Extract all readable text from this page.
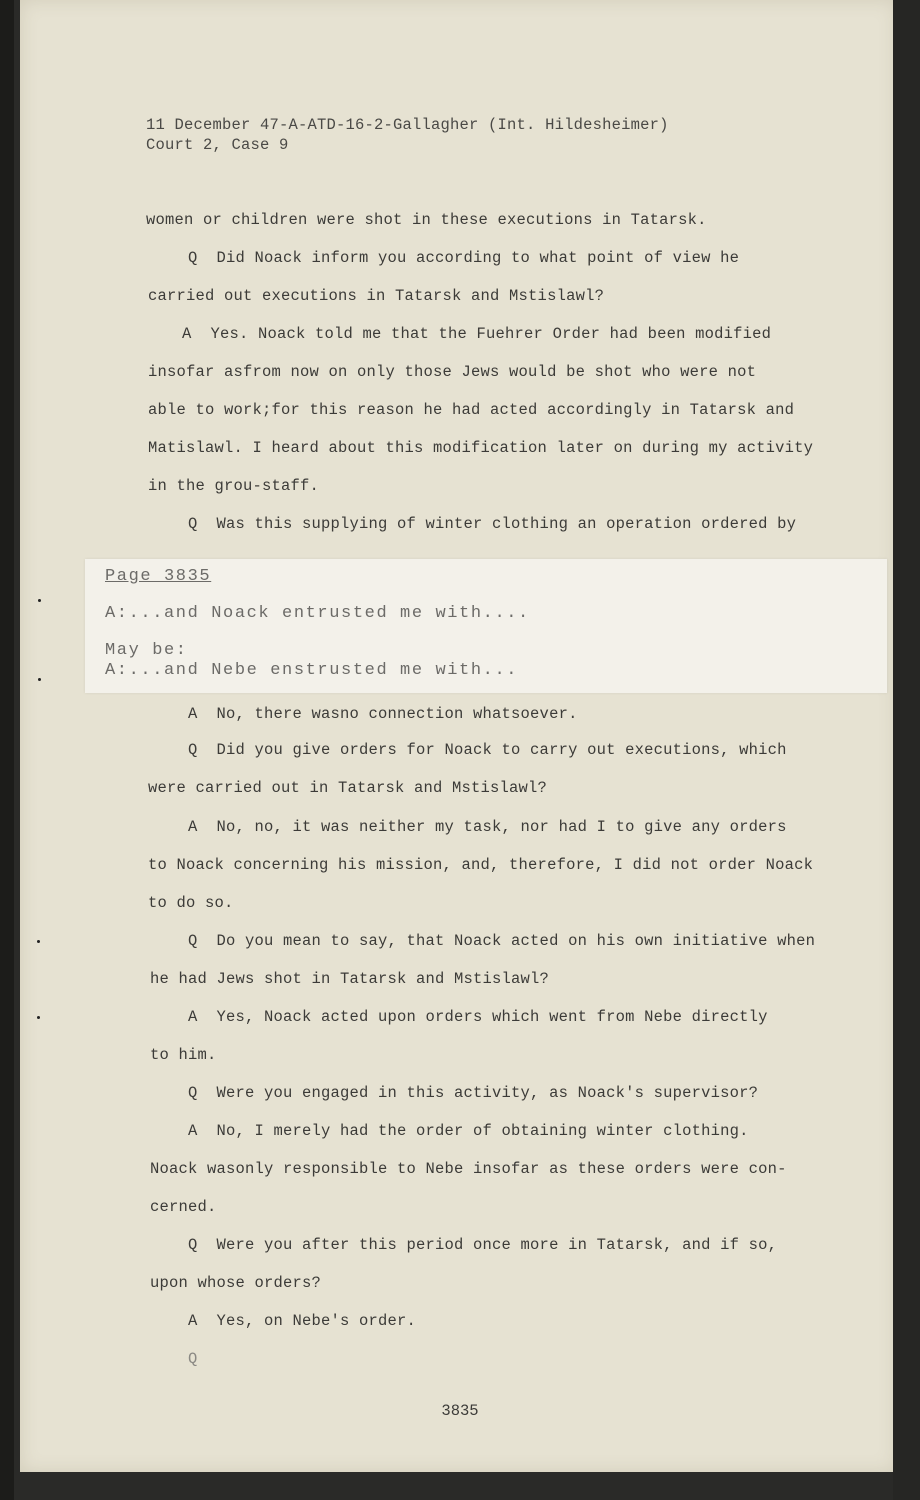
11 December 47-A-ATD-16-2-Gallagher (Int. Hildesheimer)
Court 2, Case 9
women or children were shot in these executions in Tatarsk.
Q  Did Noack inform you according to what point of view he
carried out executions in Tatarsk and Mstislawl?
A  Yes. Noack told me that the Fuehrer Order had been modified
insofar asfrom now on only those Jews would be shot who were not
able to work;for this reason he had acted accordingly in Tatarsk and
Matislawl. I heard about this modification later on during my activity
in the grou-staff.
Q  Was this supplying of winter clothing an operation ordered by
A  No, there wasno connection whatsoever.
Q  Did you give orders for Noack to carry out executions, which
were carried out in Tatarsk and Mstislawl?
A  No, no, it was neither my task, nor had I to give any orders
to Noack concerning his mission, and, therefore, I did not order Noack
to do so.
Q  Do you mean to say, that Noack acted on his own initiative when
he had Jews shot in Tatarsk and Mstislawl?
A  Yes, Noack acted upon orders which went from Nebe directly
to him.
Q  Were you engaged in this activity, as Noack's supervisor?
A  No, I merely had the order of obtaining winter clothing.
Noack wasonly responsible to Nebe insofar as these orders were con-
cerned.
Q  Were you after this period once more in Tatarsk, and if so,
upon whose orders?
A  Yes, on Nebe's order.
Q
Page 3835
A:...and Noack entrusted me with....
May be:
A:...and Nebe enstrusted me with...
3835
